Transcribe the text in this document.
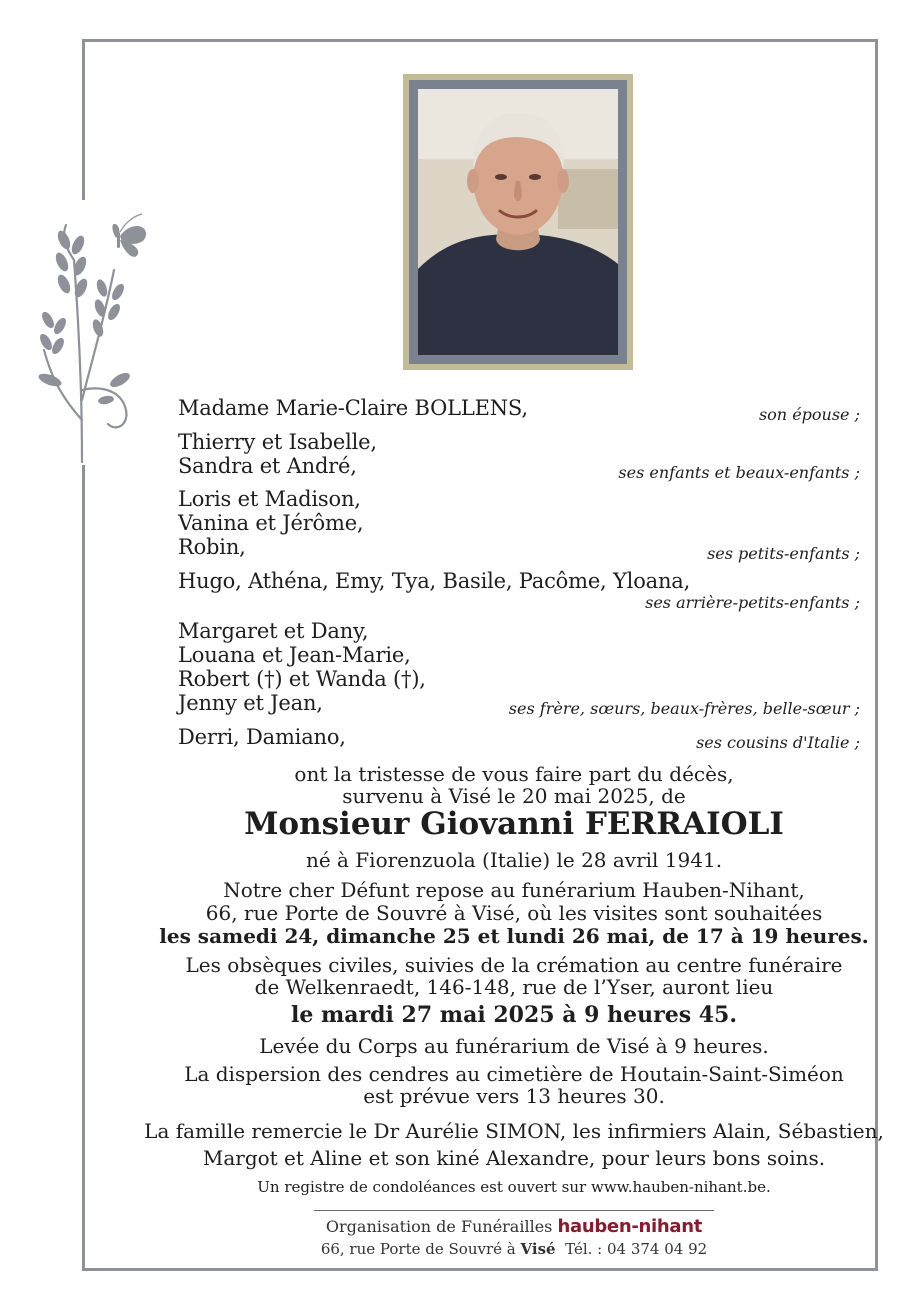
Madame Marie-Claire BOLLENS,	son épouse ;
Thierry et Isabelle,
Sandra et André,	ses enfants et beaux-enfants ;
Loris et Madison,
Vanina et Jérôme,
Robin,	ses petits-enfants ;
Hugo, Athéna, Emy, Tya, Basile, Pacôme, Yloana,
ses arrière-petits-enfants ;
Margaret et Dany,
Louana et Jean-Marie,
Robert (†) et Wanda (†),
Jenny et Jean,	ses frère, sœurs, beaux-frères, belle-sœur ;
Derri, Damiano,	ses cousins d'Italie ;
ont la tristesse de vous faire part du décès,
survenu à Visé le 20 mai 2025, de
Monsieur Giovanni FERRAIOLI
né à Fiorenzuola (Italie) le 28 avril 1941.
Notre cher Défunt repose au funérarium Hauben-Nihant,
66, rue Porte de Souvré à Visé, où les visites sont souhaitées
les samedi 24, dimanche 25 et lundi 26 mai, de 17 à 19 heures.
Les obsèques civiles, suivies de la crémation au centre funéraire
de Welkenraedt, 146-148, rue de l’Yser, auront lieu
le mardi 27 mai 2025 à 9 heures 45.
Levée du Corps au funérarium de Visé à 9 heures.
La dispersion des cendres au cimetière de Houtain-Saint-Siméon
est prévue vers 13 heures 30.
La famille remercie le Dr Aurélie SIMON, les infirmiers Alain, Sébastien,
Margot et Aline et son kiné Alexandre, pour leurs bons soins.
Un registre de condoléances est ouvert sur www.hauben-nihant.be.
Organisation de Funérailles hauben-nihant
66, rue Porte de Souvré à Visé Tél. : 04 374 04 92
